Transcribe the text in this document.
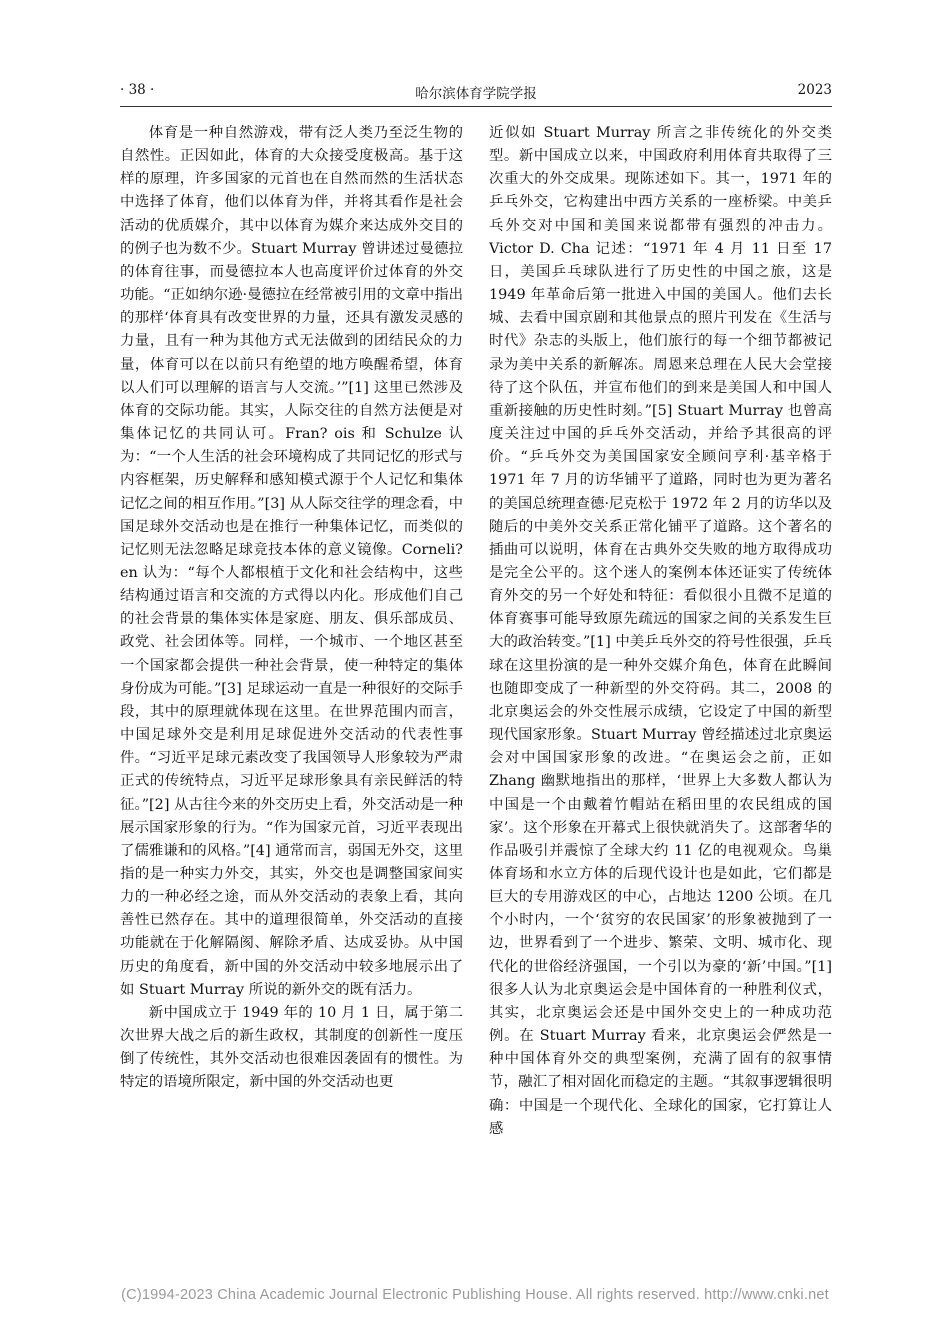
· 38 ·	哈尔滨体育学院学报	2023

体育是一种自然游戏，带有泛人类乃至泛生物的自然性。正因如此，体育的大众接受度极高。基于这样的原理，许多国家的元首也在自然而然的生活状态中选择了体育，他们以体育为伴，并将其看作是社会活动的优质媒介，其中以体育为媒介来达成外交目的的例子也为数不少。Stuart Murray 曾讲述过曼德拉的体育往事，而曼德拉本人也高度评价过体育的外交功能。“正如纳尔逊·曼德拉在经常被引用的文章中指出的那样‘体育具有改变世界的力量，还具有激发灵感的力量，且有一种为其他方式无法做到的团结民众的力量，体育可以在以前只有绝望的地方唤醒希望，体育以人们可以理解的语言与人交流。’”[1] 这里已然涉及体育的交际功能。其实，人际交往的自然方法便是对集体记忆的共同认可。Fran? ois 和 Schulze 认为：“一个人生活的社会环境构成了共同记忆的形式与内容框架，历史解释和感知模式源于个人记忆和集体记忆之间的相互作用。”[3] 从人际交往学的理念看，中国足球外交活动也是在推行一种集体记忆，而类似的记忆则无法忽略足球竞技本体的意义镜像。Corneli? en 认为：“每个人都根植于文化和社会结构中，这些结构通过语言和交流的方式得以内化。形成他们自己的社会背景的集体实体是家庭、朋友、俱乐部成员、政党、社会团体等。同样，一个城市、一个地区甚至一个国家都会提供一种社会背景，使一种特定的集体身份成为可能。”[3] 足球运动一直是一种很好的交际手段，其中的原理就体现在这里。在世界范围内而言，中国足球外交是利用足球促进外交活动的代表性事件。“习近平足球元素改变了我国领导人形象较为严肃正式的传统特点，习近平足球形象具有亲民鲜活的特征。”[2] 从古往今来的外交历史上看，外交活动是一种展示国家形象的行为。“作为国家元首，习近平表现出了儒雅谦和的风格。”[4] 通常而言，弱国无外交，这里指的是一种实力外交，其实，外交也是调整国家间实力的一种必经之途，而从外交活动的表象上看，其向善性已然存在。其中的道理很简单，外交活动的直接功能就在于化解隔阂、解除矛盾、达成妥协。从中国历史的角度看，新中国的外交活动中较多地展示出了如 Stuart Murray 所说的新外交的既有活力。

新中国成立于 1949 年的 10 月 1 日，属于第二次世界大战之后的新生政权，其制度的创新性一度压倒了传统性，其外交活动也很难因袭固有的惯性。为特定的语境所限定，新中国的外交活动也更

近似如 Stuart Murray 所言之非传统化的外交类型。新中国成立以来，中国政府利用体育共取得了三次重大的外交成果。现陈述如下。其一，1971 年的乒乓外交，它构建出中西方关系的一座桥梁。中美乒乓外交对中国和美国来说都带有强烈的冲击力。Victor D. Cha 记述：“1971 年 4 月 11 日至 17 日，美国乒乓球队进行了历史性的中国之旅，这是 1949 年革命后第一批进入中国的美国人。他们去长城、去看中国京剧和其他景点的照片刊发在《生活与时代》杂志的头版上，他们旅行的每一个细节都被记录为美中关系的新解冻。周恩来总理在人民大会堂接待了这个队伍，并宣布他们的到来是美国人和中国人重新接触的历史性时刻。”[5] Stuart Murray 也曾高度关注过中国的乒乓外交活动，并给予其很高的评价。“乒乓外交为美国国家安全顾问亨利·基辛格于 1971 年 7 月的访华铺平了道路，同时也为更为著名的美国总统理查德·尼克松于 1972 年 2 月的访华以及随后的中美外交关系正常化铺平了道路。这个著名的插曲可以说明，体育在古典外交失败的地方取得成功是完全公平的。这个迷人的案例本体还证实了传统体育外交的另一个好处和特征：看似很小且微不足道的体育赛事可能导致原先疏远的国家之间的关系发生巨大的政治转变。”[1] 中美乒乓外交的符号性很强，乒乓球在这里扮演的是一种外交媒介角色，体育在此瞬间也随即变成了一种新型的外交符码。其二，2008 的北京奥运会的外交性展示成绩，它设定了中国的新型现代国家形象。Stuart Murray 曾经描述过北京奥运会对中国国家形象的改进。“在奥运会之前，正如 Zhang 幽默地指出的那样，‘世界上大多数人都认为中国是一个由戴着竹帽站在稻田里的农民组成的国家’。这个形象在开幕式上很快就消失了。这部奢华的作品吸引并震惊了全球大约 11 亿的电视观众。鸟巢体育场和水立方体的后现代设计也是如此，它们都是巨大的专用游戏区的中心，占地达 1200 公顷。在几个小时内，一个‘贫穷的农民国家’的形象被抛到了一边，世界看到了一个进步、繁荣、文明、城市化、现代化的世俗经济强国，一个引以为豪的‘新’中国。”[1] 很多人认为北京奥运会是中国体育的一种胜利仪式，其实，北京奥运会还是中国外交史上的一种成功范例。在 Stuart Murray 看来，北京奥运会俨然是一种中国体育外交的典型案例，充满了固有的叙事情节，融汇了相对固化而稳定的主题。“其叙事逻辑很明确：中国是一个现代化、全球化的国家，它打算让人感

(C)1994-2023 China Academic Journal Electronic Publishing House. All rights reserved. http://www.cnki.net
